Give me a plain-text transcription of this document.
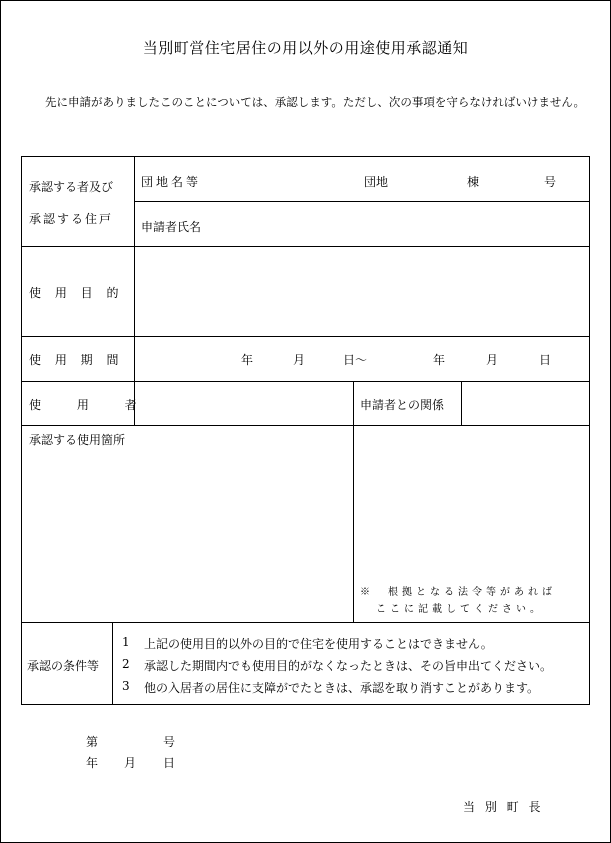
当別町営住宅居住の用以外の用途使用承認通知
先に申請がありましたこのことについては、承認します。ただし、次の事項を守らなければいけません。
承認する者及び
承認する住戸
団地名等	団地	棟	号
申請者氏名
使 用 目 的
使 用 期 間	年	月	日〜	年	月	日
使 用 者	申請者との関係
承認する使用箇所
※　根拠となる法令等があれば
ここに記載してください。
承認の条件等
1 上記の使用目的以外の目的で住宅を使用することはできません。
2 承認した期間内でも使用目的がなくなったときは、その旨申出てください。
3 他の入居者の居住に支障がでたときは、承認を取り消すことがあります。
第	号
年 月 日
当 別 町 長
